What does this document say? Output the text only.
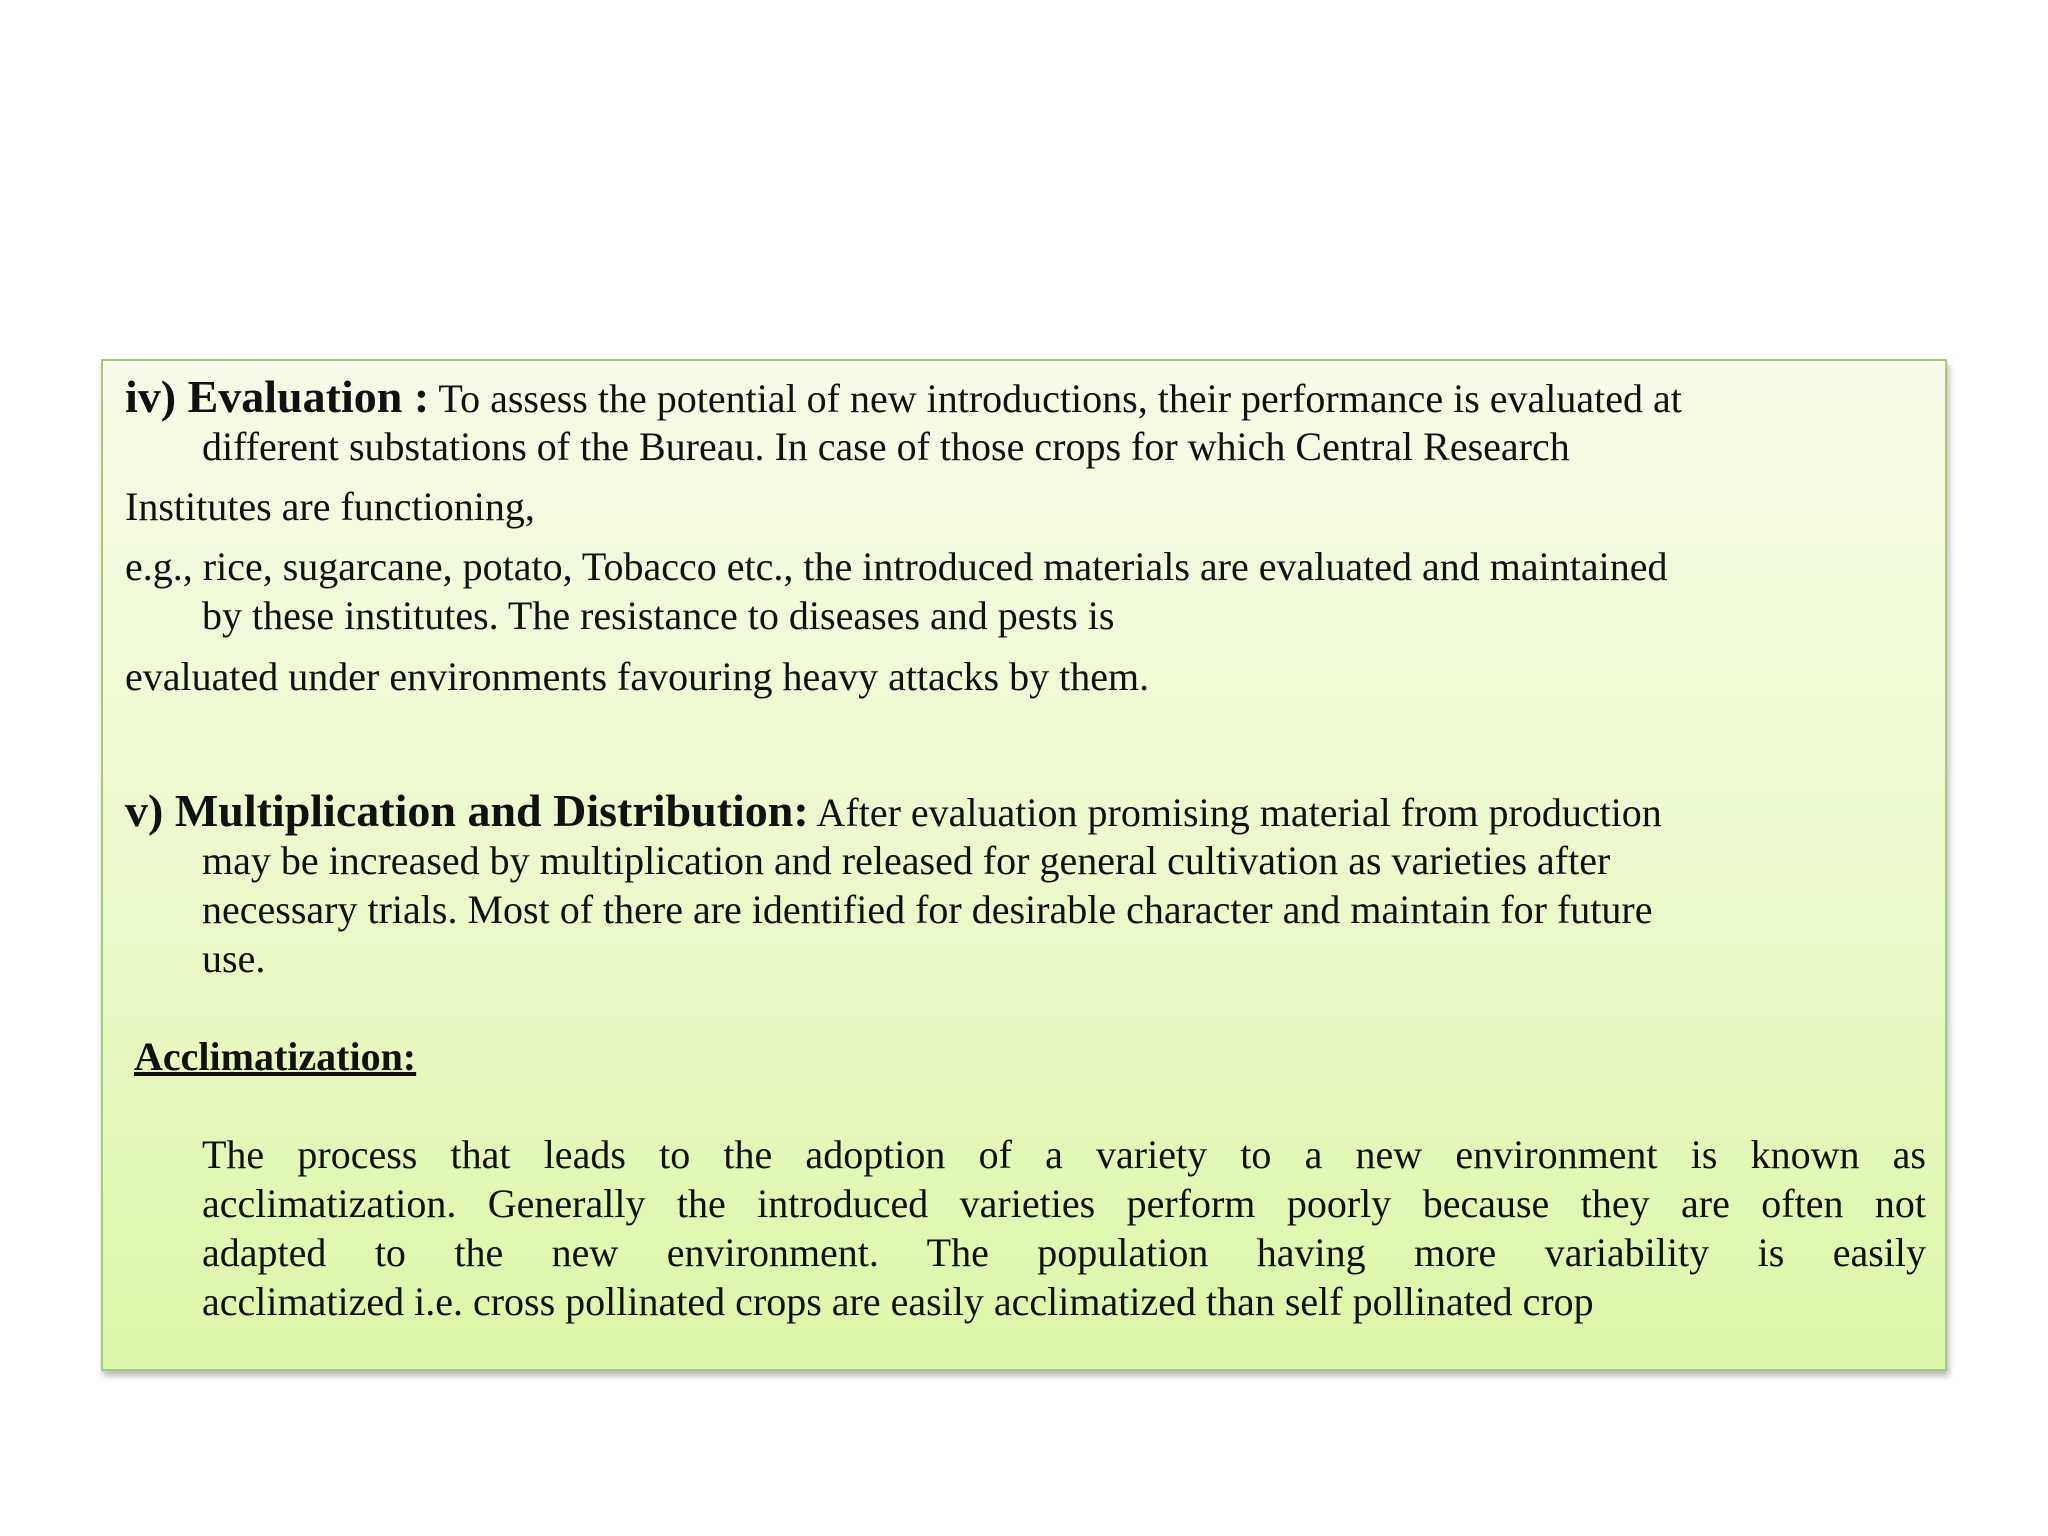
iv) Evaluation : To assess the potential of new introductions, their performance is evaluated at
different substations of the Bureau. In case of those crops for which Central Research
Institutes are functioning,
e.g., rice, sugarcane, potato, Tobacco etc., the introduced materials are evaluated and maintained
by these institutes. The resistance to diseases and pests is
evaluated under environments favouring heavy attacks by them.
v) Multiplication and Distribution: After evaluation promising material from production
may be increased by multiplication and released for general cultivation as varieties after
necessary trials. Most of there are identified for desirable character and maintain for future
use.
Acclimatization:
The process that leads to the adoption of a variety to a new environment is known as
acclimatization. Generally the introduced varieties perform poorly because they are often not
adapted to the new environment. The population having more variability is easily
acclimatized i.e. cross pollinated crops are easily acclimatized than self pollinated crop
